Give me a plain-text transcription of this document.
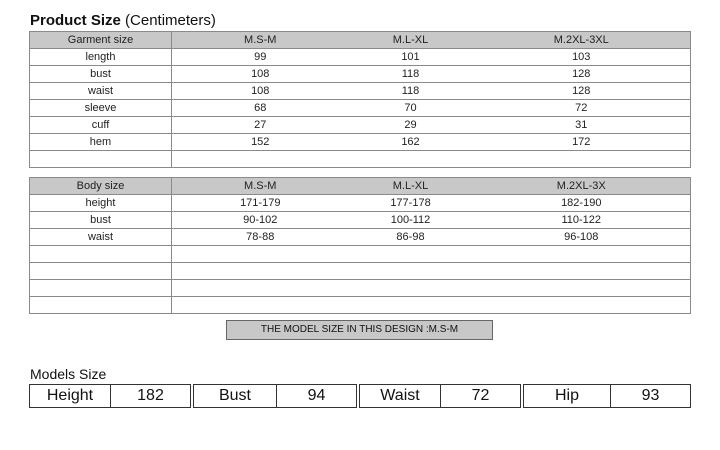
Product Size (Centimeters)
Garment size	M.S-M	M.L-XL	M.2XL-3XL
length	99	101	103
bust	108	118	128
waist	108	118	128
sleeve	68	70	72
cuff	27	29	31
hem	152	162	172

Body size	M.S-M	M.L-XL	M.2XL-3X
height	171-179	177-178	182-190
bust	90-102	100-112	110-122
waist	78-88	86-98	96-108

THE MODEL SIZE IN THIS DESIGN :M.S-M
Models Size
Height	182	Bust	94	Waist	72	Hip	93
